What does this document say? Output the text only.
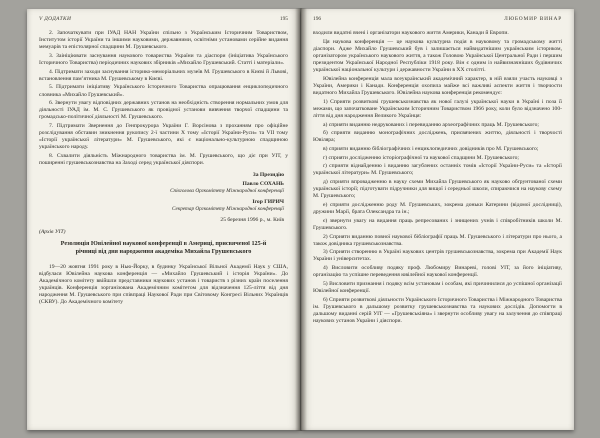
V ДОДАТКИ	195

2. Започаткувати при ІУАД НАН України спільно з Українським Історичним Товариством, Інститутом історії України та іншими науковими, державними, освітніми установами серійне видання мемуарів та епістолярної спадщини М. Грушевського.

3. Заініціювати заснування наукового товариства України та діаспори (ініціатива Українського Історичного Товариства) періодичних наукових збірників «Михайло Грушевський. Статті і матеріали».

4. Підтримати заходи заснування історико-меморіальних музеїв М. Грушевського в Києві й Львові, встановлення пам’ятника М. Грушевському в Києві.

5. Підтримати ініціативу Українського Історичного Товариства опрацювання енциклопедичного словника «Михайло Грушевський».

6. Звернути увагу відповідних державних установ на необхідність створення нормальних умов для діяльності ІУАД ім. М. С. Грушевського як провідної установи вивчення творчої спадщини та громадсько-політичної діяльності М. Грушевського.

7. Підтримати Звернення до Генпрокурора України Г. Ворсінова з проханням про офіційне розслідування обставин зникнення рукопису 2-ї частини X тому «Історії України-Руси» та VII тому «Історії української літератури» М. Грушевського, які є національно-культурною спадщиною українського народу.

8. Схвалити діяльність Міжнародного товариства ім. М. Грушевського, що діє при УІТ, у поширенні грушевськознавства на Заході серед української діяспори.

За Президію
Павло СОХАНЬ
Співголова Оргкомітету Міжнародної конференції
Ігор ГИРИЧ
Секретар Оргкомітету Міжнародної конференції
25 березня 1996 р., м. Київ

(Архів УІТ)

Резолюція Ювілейної наукової конференції в Америці, присвяченої 125-й річниці від дня народження академіка Михайла Грушевського

19—20 жовтня 1991 року в Нью-Йорку, в будинку Української Вільної Академії Наук у США, відбулася Ювілейна наукова конференція — «Михайло Грушевський і історія України». До Академічного комітету ввійшли представники наукових установ і товариств з різних країн поселення українців. Конференція зорганізована Академічним комітетом для відзначення 125-ліття від дня народження М. Грушевського при співпраці Наукової Ради при Світовому Конгресі Вільних Українців (СКВУ). До Академічного комітету

196	ЛЮБОМИР ВИНАР

входили видатні вчені і організатори наукового життя Америки, Канади й Европи.

Ця наукова конференція — це наукова культурна подія в науковому та громадському житті діаспори. Адже Михайло Грушевський був і залишається найвидатнішим українським істориком, організатором українського наукового життя, а також Головою Української Центральної Ради і першим президентом Української Народної Республіки 1918 року. Він є одним із найвизначніших будівничих української національної культури і державности України в XX столітті.

Ювілейна конференція мала всеукраїнський академічний характер, в ній взяли участь науковці з України, Америки і Канади. Конференція охопила майже всі важливі аспекти життя і творчости видатного Михайла Грушевського. Ювілейна наукова конференція рекомендує:

1) Сприяти розвиткові грушевськознавства як нової галузі української науки в Україні і поза її межами, що започатковане Українським Історичним Товариством 1966 року, коли було відзначено 100-ліття від дня народження Великого Українця:

а) сприяти виданню недрукованих і перевиданню археографічних праць М. Грушевського;

б) сприяти виданню монографічних досліджень, присвячених життю, діяльності і творчості Ювіляра;

в) сприяти виданню бібліографічних і енциклопедичних довідників про М. Грушевського;

г) сприяти дослідженню історіографічної та наукової спадщини М. Грушевського;

ґ) сприяти віднайденню і виданню загублених останніх томів «Історії України-Руси» та «Історії української літератури» М. Грушевського;

д) сприяти впровадженню в науку схеми Михайла Грушевського як науково обґрунтованої схеми української історії; підготувати підручники для вищої і середньої школи, спираючися на наукову схему М. Грушевського;

е) сприяти дослідженню роду М. Грушевських, зокрема доньки Катерини (відомої дослідниці), дружини Марії, брата Олександра та ін.;

є) звернути увагу на видання праць репресованих і знищених учнів і співробітників школи М. Грушевського.

2) Сприяти виданню повної наукової бібліографії праць М. Грушевського і літератури про нього, а також довідника грушевськознавства.

3) Сприяти створенню в Україні наукових центрів грушевськознавства, зокрема при Академії Наук України і університетах.

4) Висловити особливу подяку проф. Любомиру Винареві, голові УІТ, за його ініціативу, організацію та успішне переведення ювілейної наукової конференції.

5) Висловити признання і подяку всім установам і особам, які причинилися до успішної організації Ювілейної конференції.

6) Сприяти розвиткові діяльности Українського Історичного Товариства і Міжнародного Товариства ім. Грушевського в дальшому розвитку грушевськознавства та наукових дослідів. Допомогти в дальшому виданні серій УІТ — «Грушевськіяна» і звернути особливу увагу на залучення до співпраці наукових установ України і діяспори.
